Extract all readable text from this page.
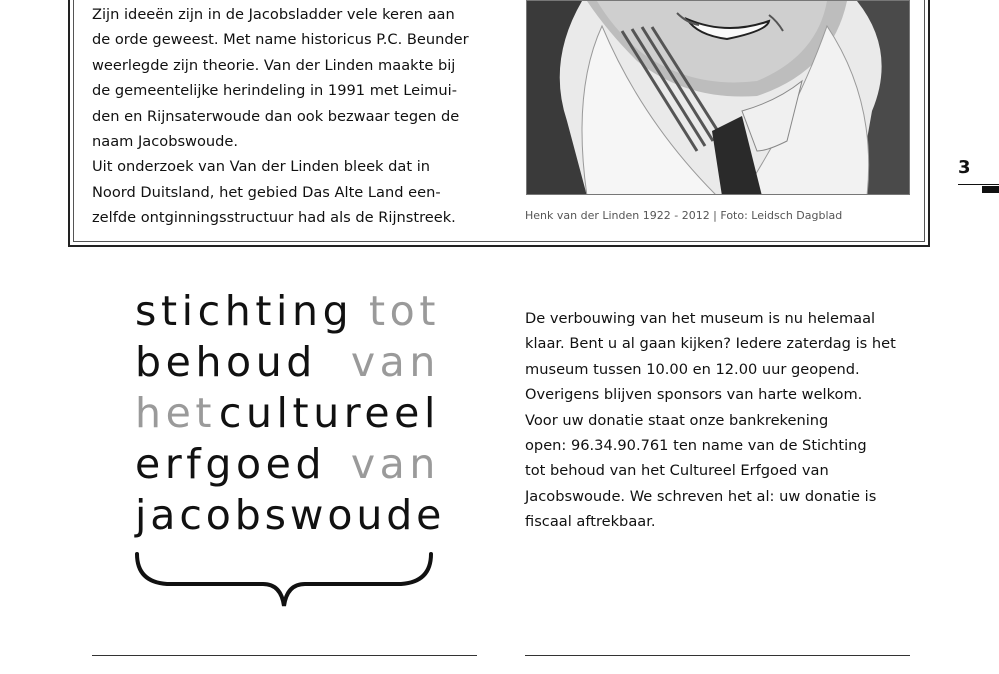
Zijn ideeën zijn in de Jacobsladder vele keren aan

de orde geweest. Met name historicus P.C. Beunder

weerlegde zijn theorie. Van der Linden maakte bij

de gemeentelijke herindeling in 1991 met Leimui-

den en Rijnsaterwoude dan ook bezwaar tegen de

naam Jacobswoude.

Uit onderzoek van Van der Linden bleek dat in

Noord Duitsland, het gebied Das Alte Land een-

zelfde ontginningsstructuur had als de Rijnstreek.	Henk van der Linden 1922 - 2012 | Foto: Leidsch Dagblad
3
stichting tot
behoud van
het cultureel
erfgoed van
jacobswoude

De verbouwing van het museum is nu helemaal

klaar. Bent u al gaan kijken? Iedere zaterdag is het

museum tussen 10.00 en 12.00 uur geopend.

Overigens blijven sponsors van harte welkom.

Voor uw donatie staat onze bankrekening

open: 96.34.90.761 ten name van de Stichting

tot behoud van het Cultureel Erfgoed van

Jacobswoude. We schreven het al: uw donatie is

fiscaal aftrekbaar.
